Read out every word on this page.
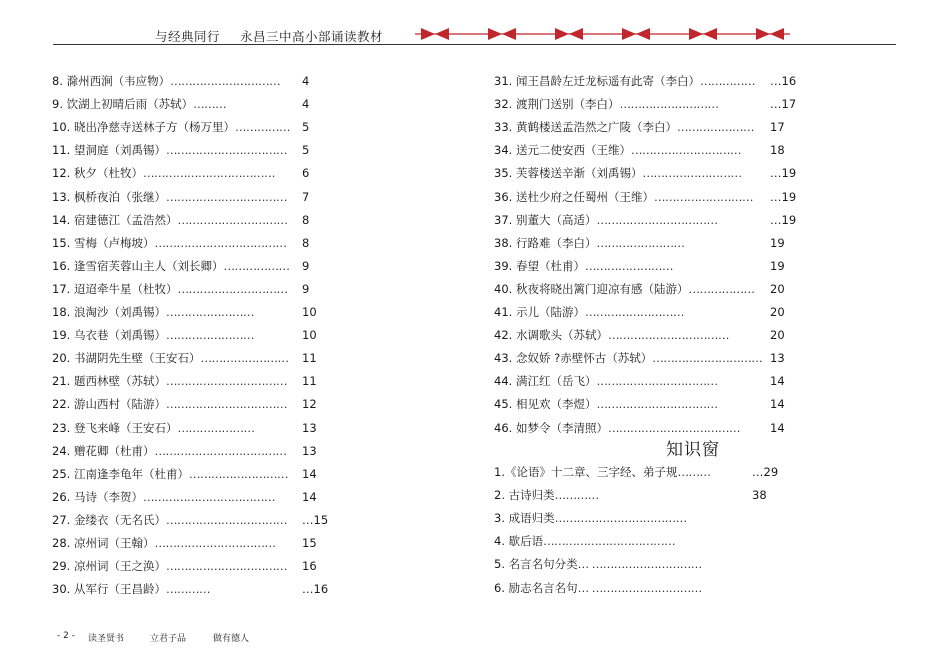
与经典同行 永昌三中高小部诵读教材
8. 滁州西涧（韦应物）………………………… 4
9. 饮湖上初晴后雨（苏轼）………	4
10. 晓出净慈寺送林子方（杨万里）…………… 5
11. 望洞庭（刘禹锡）…………………………… 5
12. 秋夕（杜牧）……………………………… 6
13. 枫桥夜泊（张继）…………………………… 7
14. 宿建德江（孟浩然）………………………… 8
15. 雪梅（卢梅坡）……………………………… 8
16. 逢雪宿芙蓉山主人（刘长卿）……………… 9
17. 迢迢牵牛星（杜牧）………………………… 9
18. 浪淘沙（刘禹锡）……………………	10
19. 乌衣巷（刘禹锡）……………………	10
20. 书湖阴先生壁（王安石）…………………… 11
21. 题西林壁（苏轼）…………………………… 11
22. 游山西村（陆游）…………………………… 12
23. 登飞来峰（王安石）…………………	13
24. 赠花卿（杜甫）……………………………… 13
25. 江南逢李龟年（杜甫）……………………… 14
26. 马诗（李贺）……………………………… 14
27. 金缕衣（无名氏）…………………………… …15
28. 凉州词（王翰）…………………………… 15
29. 凉州词（王之涣）…………………………… 16
30. 从军行（王昌龄）…………	…16
31. 闻王昌龄左迁龙标遥有此寄（李白）…………… …16
32. 渡荆门送别（李白）………………………	…17
33. 黄鹤楼送孟浩然之广陵（李白）………………… 17
34. 送元二使安西（王维）…………………………	18
35. 芙蓉楼送辛渐（刘禹锡）……………………… …19
36. 送杜少府之任蜀州（王维）……………………… …19
37. 别董大（高适）……………………………	…19
38. 行路难（李白）……………………	19
39. 春望（杜甫）……………………	19
40. 秋夜将晓出篱门迎凉有感（陆游）……………… 20
41. 示儿（陆游）………………………	20
42. 水调歌头（苏轼）……………………………	20
43. 念奴娇 ?赤壁怀古（苏轼）………………………… 13
44. 满江红（岳飞）……………………………	14
45. 相见欢（李煜）……………………………	14
46. 如梦令（李清照）………………………………	14
知识窗
1.《论语》十二章、三字经、弟子规………	…29
2. 古诗归类…………	38
3. 成语归类………………………………
4. 歇后语………………………………
5. 名言名句分类… …………………………
6. 励志名言名句… …………………………
- 2 - 读圣贤书	立君子品	做有德人
